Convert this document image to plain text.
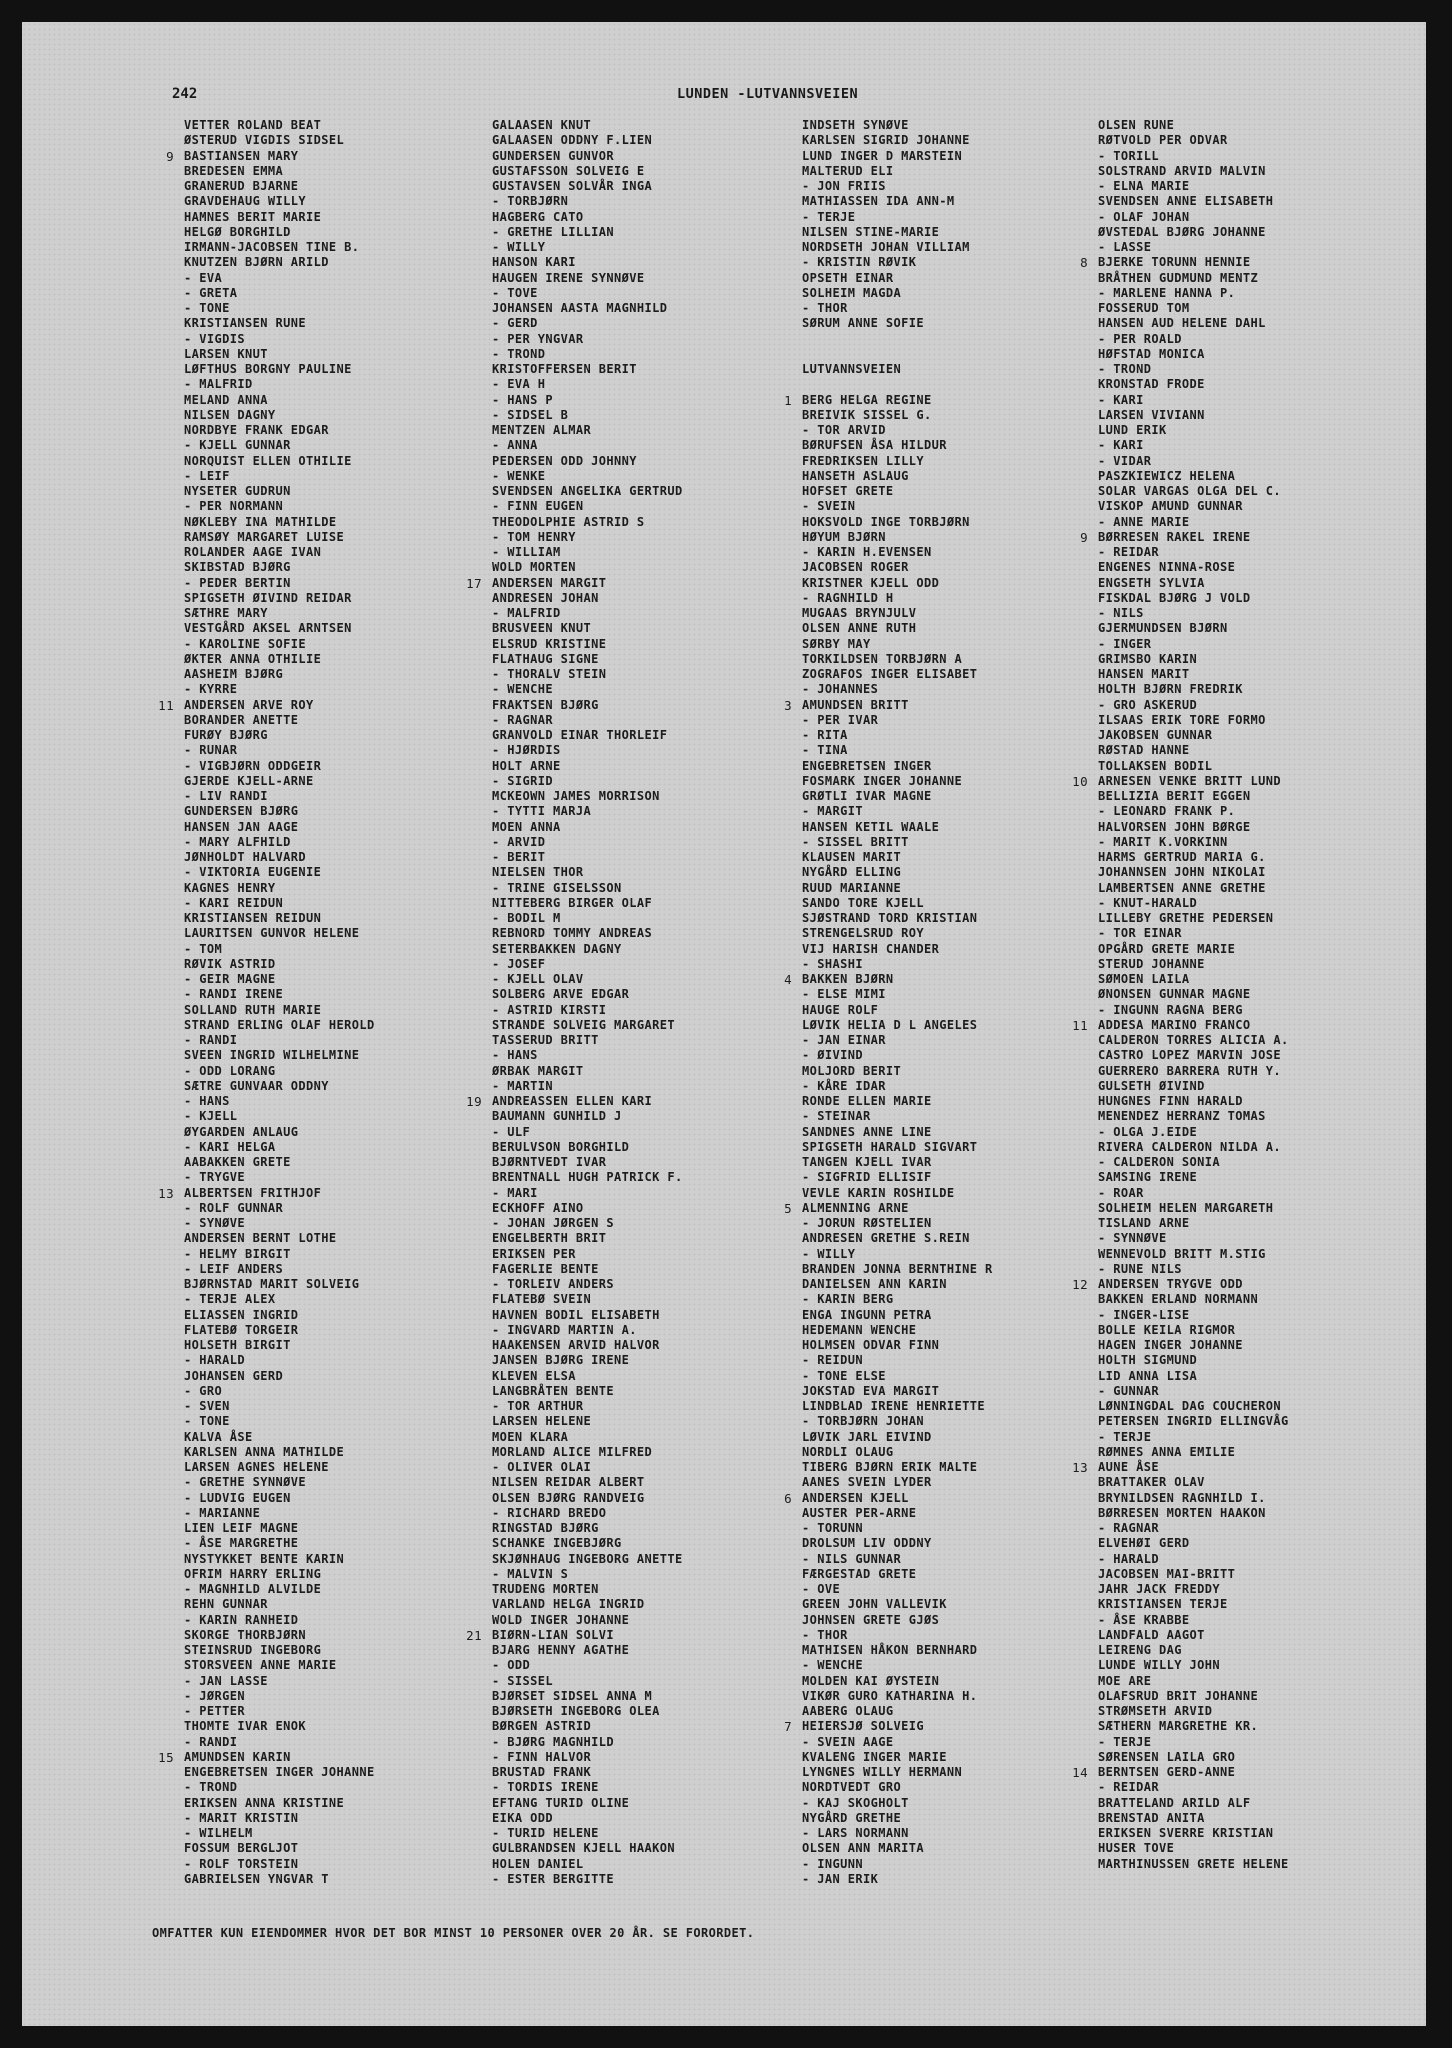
242	LUNDEN -LUTVANNSVEIEN
VETTER ROLAND BEAT
ØSTERUD VIGDIS SIDSEL
9 BASTIANSEN MARY
BREDESEN EMMA
GRANERUD BJARNE
GRAVDEHAUG WILLY
HAMNES BERIT MARIE
HELGØ BORGHILD
IRMANN-JACOBSEN TINE B.
KNUTZEN BJØRN ARILD
- EVA
- GRETA
- TONE
KRISTIANSEN RUNE
- VIGDIS
LARSEN KNUT
LØFTHUS BORGNY PAULINE
- MALFRID
MELAND ANNA
NILSEN DAGNY
NORDBYE FRANK EDGAR
- KJELL GUNNAR
NORQUIST ELLEN OTHILIE
- LEIF
NYSETER GUDRUN
- PER NORMANN
NØKLEBY INA MATHILDE
RAMSØY MARGARET LUISE
ROLANDER AAGE IVAN
SKIBSTAD BJØRG
- PEDER BERTIN
SPIGSETH ØIVIND REIDAR
SÆTHRE MARY
VESTGÅRD AKSEL ARNTSEN
- KAROLINE SOFIE
ØKTER ANNA OTHILIE
AASHEIM BJØRG
- KYRRE
11 ANDERSEN ARVE ROY
BORANDER ANETTE
FURØY BJØRG
- RUNAR
- VIGBJØRN ODDGEIR
GJERDE KJELL-ARNE
- LIV RANDI
GUNDERSEN BJØRG
HANSEN JAN AAGE
- MARY ALFHILD
JØNHOLDT HALVARD
- VIKTORIA EUGENIE
KAGNES HENRY
- KARI REIDUN
KRISTIANSEN REIDUN
LAURITSEN GUNVOR HELENE
- TOM
RØVIK ASTRID
- GEIR MAGNE
- RANDI IRENE
SOLLAND RUTH MARIE
STRAND ERLING OLAF HEROLD
- RANDI
SVEEN INGRID WILHELMINE
- ODD LORANG
SÆTRE GUNVAAR ODDNY
- HANS
- KJELL
ØYGARDEN ANLAUG
- KARI HELGA
AABAKKEN GRETE
- TRYGVE
13 ALBERTSEN FRITHJOF
- ROLF GUNNAR
- SYNØVE
ANDERSEN BERNT LOTHE
- HELMY BIRGIT
- LEIF ANDERS
BJØRNSTAD MARIT SOLVEIG
- TERJE ALEX
ELIASSEN INGRID
FLATEBØ TORGEIR
HOLSETH BIRGIT
- HARALD
JOHANSEN GERD
- GRO
- SVEN
- TONE
KALVA ÅSE
KARLSEN ANNA MATHILDE
LARSEN AGNES HELENE
- GRETHE SYNNØVE
- LUDVIG EUGEN
- MARIANNE
LIEN LEIF MAGNE
- ÅSE MARGRETHE
NYSTYKKET BENTE KARIN
OFRIM HARRY ERLING
- MAGNHILD ALVILDE
REHN GUNNAR
- KARIN RANHEID
SKORGE THORBJØRN
STEINSRUD INGEBORG
STORSVEEN ANNE MARIE
- JAN LASSE
- JØRGEN
- PETTER
THOMTE IVAR ENOK
- RANDI
15 AMUNDSEN KARIN
ENGEBRETSEN INGER JOHANNE
- TROND
ERIKSEN ANNA KRISTINE
- MARIT KRISTIN
- WILHELM
FOSSUM BERGLJOT
- ROLF TORSTEIN
GABRIELSEN YNGVAR T
GALAASEN KNUT
GALAASEN ODDNY F.LIEN
GUNDERSEN GUNVOR
GUSTAFSSON SOLVEIG E
GUSTAVSEN SOLVÅR INGA
- TORBJØRN
HAGBERG CATO
- GRETHE LILLIAN
- WILLY
HANSON KARI
HAUGEN IRENE SYNNØVE
- TOVE
JOHANSEN AASTA MAGNHILD
- GERD
- PER YNGVAR
- TROND
KRISTOFFERSEN BERIT
- EVA H
- HANS P
- SIDSEL B
MENTZEN ALMAR
- ANNA
PEDERSEN ODD JOHNNY
- WENKE
SVENDSEN ANGELIKA GERTRUD
- FINN EUGEN
THEODOLPHIE ASTRID S
- TOM HENRY
- WILLIAM
WOLD MORTEN
17 ANDERSEN MARGIT
ANDRESEN JOHAN
- MALFRID
BRUSVEEN KNUT
ELSRUD KRISTINE
FLATHAUG SIGNE
- THORALV STEIN
- WENCHE
FRAKTSEN BJØRG
- RAGNAR
GRANVOLD EINAR THORLEIF
- HJØRDIS
HOLT ARNE
- SIGRID
MCKEOWN JAMES MORRISON
- TYTTI MARJA
MOEN ANNA
- ARVID
- BERIT
NIELSEN THOR
- TRINE GISELSSON
NITTEBERG BIRGER OLAF
- BODIL M
REBNORD TOMMY ANDREAS
SETERBAKKEN DAGNY
- JOSEF
- KJELL OLAV
SOLBERG ARVE EDGAR
- ASTRID KIRSTI
STRANDE SOLVEIG MARGARET
TASSERUD BRITT
- HANS
ØRBAK MARGIT
- MARTIN
19 ANDREASSEN ELLEN KARI
BAUMANN GUNHILD J
- ULF
BERULVSON BORGHILD
BJØRNTVEDT IVAR
BRENTNALL HUGH PATRICK F.
- MARI
ECKHOFF AINO
- JOHAN JØRGEN S
ENGELBERTH BRIT
ERIKSEN PER
FAGERLIE BENTE
- TORLEIV ANDERS
FLATEBØ SVEIN
HAVNEN BODIL ELISABETH
- INGVARD MARTIN A.
HAAKENSEN ARVID HALVOR
JANSEN BJØRG IRENE
KLEVEN ELSA
LANGBRÅTEN BENTE
- TOR ARTHUR
LARSEN HELENE
MOEN KLARA
MORLAND ALICE MILFRED
- OLIVER OLAI
NILSEN REIDAR ALBERT
OLSEN BJØRG RANDVEIG
- RICHARD BREDO
RINGSTAD BJØRG
SCHANKE INGEBJØRG
SKJØNHAUG INGEBORG ANETTE
- MALVIN S
TRUDENG MORTEN
VARLAND HELGA INGRID
WOLD INGER JOHANNE
21 BIØRN-LIAN SOLVI
BJARG HENNY AGATHE
- ODD
- SISSEL
BJØRSET SIDSEL ANNA M
BJØRSETH INGEBORG OLEA
BØRGEN ASTRID
- BJØRG MAGNHILD
- FINN HALVOR
BRUSTAD FRANK
- TORDIS IRENE
EFTANG TURID OLINE
EIKA ODD
- TURID HELENE
GULBRANDSEN KJELL HAAKON
HOLEN DANIEL
- ESTER BERGITTE
INDSETH SYNØVE
KARLSEN SIGRID JOHANNE
LUND INGER D MARSTEIN
MALTERUD ELI
- JON FRIIS
MATHIASSEN IDA ANN-M
- TERJE
NILSEN STINE-MARIE
NORDSETH JOHAN VILLIAM
- KRISTIN RØVIK
OPSETH EINAR
SOLHEIM MAGDA
- THOR
SØRUM ANNE SOFIE
LUTVANNSVEIEN
1 BERG HELGA REGINE
BREIVIK SISSEL G.
- TOR ARVID
BØRUFSEN ÅSA HILDUR
FREDRIKSEN LILLY
HANSETH ASLAUG
HOFSET GRETE
- SVEIN
HOKSVOLD INGE TORBJØRN
HØYUM BJØRN
- KARIN H.EVENSEN
JACOBSEN ROGER
KRISTNER KJELL ODD
- RAGNHILD H
MUGAAS BRYNJULV
OLSEN ANNE RUTH
SØRBY MAY
TORKILDSEN TORBJØRN A
ZOGRAFOS INGER ELISABET
- JOHANNES
3 AMUNDSEN BRITT
- PER IVAR
- RITA
- TINA
ENGEBRETSEN INGER
FOSMARK INGER JOHANNE
GRØTLI IVAR MAGNE
- MARGIT
HANSEN KETIL WAALE
- SISSEL BRITT
KLAUSEN MARIT
NYGÅRD ELLING
RUUD MARIANNE
SANDO TORE KJELL
SJØSTRAND TORD KRISTIAN
STRENGELSRUD ROY
VIJ HARISH CHANDER
- SHASHI
4 BAKKEN BJØRN
- ELSE MIMI
HAUGE ROLF
LØVIK HELIA D L ANGELES
- JAN EINAR
- ØIVIND
MOLJORD BERIT
- KÅRE IDAR
RONDE ELLEN MARIE
- STEINAR
SANDNES ANNE LINE
SPIGSETH HARALD SIGVART
TANGEN KJELL IVAR
- SIGFRID ELLISIF
VEVLE KARIN ROSHILDE
5 ALMENNING ARNE
- JORUN RØSTELIEN
ANDRESEN GRETHE S.REIN
- WILLY
BRANDEN JONNA BERNTHINE R
DANIELSEN ANN KARIN
- KARIN BERG
ENGA INGUNN PETRA
HEDEMANN WENCHE
HOLMSEN ODVAR FINN
- REIDUN
- TONE ELSE
JOKSTAD EVA MARGIT
LINDBLAD IRENE HENRIETTE
- TORBJØRN JOHAN
LØVIK JARL EIVIND
NORDLI OLAUG
TIBERG BJØRN ERIK MALTE
AANES SVEIN LYDER
6 ANDERSEN KJELL
AUSTER PER-ARNE
- TORUNN
DROLSUM LIV ODDNY
- NILS GUNNAR
FÆRGESTAD GRETE
- OVE
GREEN JOHN VALLEVIK
JOHNSEN GRETE GJØS
- THOR
MATHISEN HÅKON BERNHARD
- WENCHE
MOLDEN KAI ØYSTEIN
VIKØR GURO KATHARINA H.
AABERG OLAUG
7 HEIERSJØ SOLVEIG
- SVEIN AAGE
KVALENG INGER MARIE
LYNGNES WILLY HERMANN
NORDTVEDT GRO
- KAJ SKOGHOLT
NYGÅRD GRETHE
- LARS NORMANN
OLSEN ANN MARITA
- INGUNN
- JAN ERIK
OLSEN RUNE
RØTVOLD PER ODVAR
- TORILL
SOLSTRAND ARVID MALVIN
- ELNA MARIE
SVENDSEN ANNE ELISABETH
- OLAF JOHAN
ØVSTEDAL BJØRG JOHANNE
- LASSE
8 BJERKE TORUNN HENNIE
BRÅTHEN GUDMUND MENTZ
- MARLENE HANNA P.
FOSSERUD TOM
HANSEN AUD HELENE DAHL
- PER ROALD
HØFSTAD MONICA
- TROND
KRONSTAD FRODE
- KARI
LARSEN VIVIANN
LUND ERIK
- KARI
- VIDAR
PASZKIEWICZ HELENA
SOLAR VARGAS OLGA DEL C.
VISKOP AMUND GUNNAR
- ANNE MARIE
9 BØRRESEN RAKEL IRENE
- REIDAR
ENGENES NINNA-ROSE
ENGSETH SYLVIA
FISKDAL BJØRG J VOLD
- NILS
GJERMUNDSEN BJØRN
- INGER
GRIMSBO KARIN
HANSEN MARIT
HOLTH BJØRN FREDRIK
- GRO ASKERUD
ILSAAS ERIK TORE FORMO
JAKOBSEN GUNNAR
RØSTAD HANNE
TOLLAKSEN BODIL
10 ARNESEN VENKE BRITT LUND
BELLIZIA BERIT EGGEN
- LEONARD FRANK P.
HALVORSEN JOHN BØRGE
- MARIT K.VORKINN
HARMS GERTRUD MARIA G.
JOHANNSEN JOHN NIKOLAI
LAMBERTSEN ANNE GRETHE
- KNUT-HARALD
LILLEBY GRETHE PEDERSEN
- TOR EINAR
OPGÅRD GRETE MARIE
STERUD JOHANNE
SØMOEN LAILA
ØNONSEN GUNNAR MAGNE
- INGUNN RAGNA BERG
11 ADDESA MARINO FRANCO
CALDERON TORRES ALICIA A.
CASTRO LOPEZ MARVIN JOSE
GUERRERO BARRERA RUTH Y.
GULSETH ØIVIND
HUNGNES FINN HARALD
MENENDEZ HERRANZ TOMAS
- OLGA J.EIDE
RIVERA CALDERON NILDA A.
- CALDERON SONIA
SAMSING IRENE
- ROAR
SOLHEIM HELEN MARGARETH
TISLAND ARNE
- SYNNØVE
WENNEVOLD BRITT M.STIG
- RUNE NILS
12 ANDERSEN TRYGVE ODD
BAKKEN ERLAND NORMANN
- INGER-LISE
BOLLE KEILA RIGMOR
HAGEN INGER JOHANNE
HOLTH SIGMUND
LID ANNA LISA
- GUNNAR
LØNNINGDAL DAG COUCHERON
PETERSEN INGRID ELLINGVÅG
- TERJE
RØMNES ANNA EMILIE
13 AUNE ÅSE
BRATTAKER OLAV
BRYNILDSEN RAGNHILD I.
BØRRESEN MORTEN HAAKON
- RAGNAR
ELVEHØI GERD
- HARALD
JACOBSEN MAI-BRITT
JAHR JACK FREDDY
KRISTIANSEN TERJE
- ÅSE KRABBE
LANDFALD AAGOT
LEIRENG DAG
LUNDE WILLY JOHN
MOE ARE
OLAFSRUD BRIT JOHANNE
STRØMSETH ARVID
SÆTHERN MARGRETHE KR.
- TERJE
SØRENSEN LAILA GRO
14 BERNTSEN GERD-ANNE
- REIDAR
BRATTELAND ARILD ALF
BRENSTAD ANITA
ERIKSEN SVERRE KRISTIAN
HUSER TOVE
MARTHINUSSEN GRETE HELENE
OMFATTER KUN EIENDOMMER HVOR DET BOR MINST 10 PERSONER OVER 20 ÅR. SE FORORDET.
